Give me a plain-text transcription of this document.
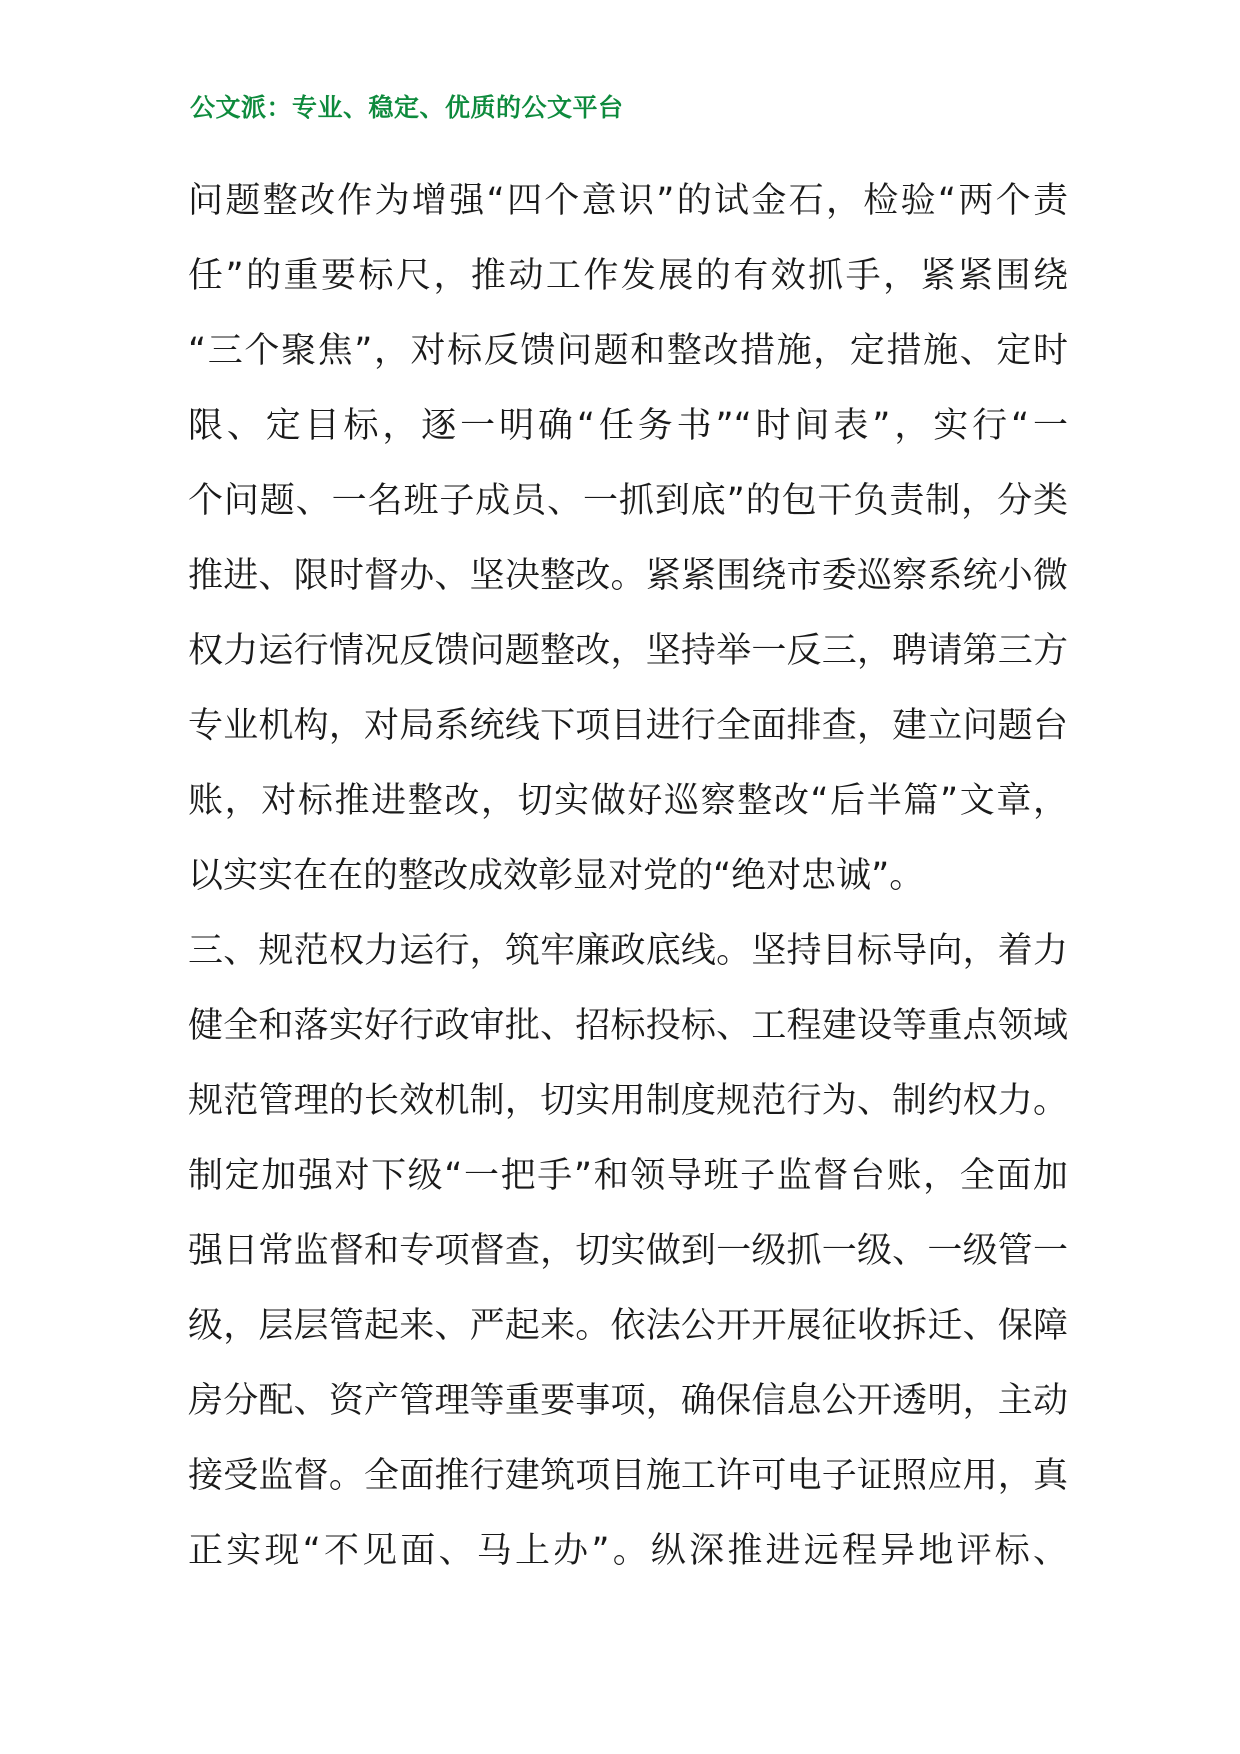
公文派：专业、稳定、优质的公文平台
问题整改作为增强“四个意识”的试金石，检验“两个责
任”的重要标尺，推动工作发展的有效抓手，紧紧围绕
“三个聚焦”，对标反馈问题和整改措施，定措施、定时
限、定目标，逐一明确“任务书”“时间表”，实行“一
个问题、一名班子成员、一抓到底”的包干负责制，分类
推进、限时督办、坚决整改。紧紧围绕市委巡察系统小微
权力运行情况反馈问题整改，坚持举一反三，聘请第三方
专业机构，对局系统线下项目进行全面排查，建立问题台
账，对标推进整改，切实做好巡察整改“后半篇”文章，
以实实在在的整改成效彰显对党的“绝对忠诚”。
三、规范权力运行，筑牢廉政底线。坚持目标导向，着力
健全和落实好行政审批、招标投标、工程建设等重点领域
规范管理的长效机制，切实用制度规范行为、制约权力。
制定加强对下级“一把手”和领导班子监督台账，全面加
强日常监督和专项督查，切实做到一级抓一级、一级管一
级，层层管起来、严起来。依法公开开展征收拆迁、保障
房分配、资产管理等重要事项，确保信息公开透明，主动
接受监督。全面推行建筑项目施工许可电子证照应用，真
正实现“不见面、马上办”。纵深推进远程异地评标、
